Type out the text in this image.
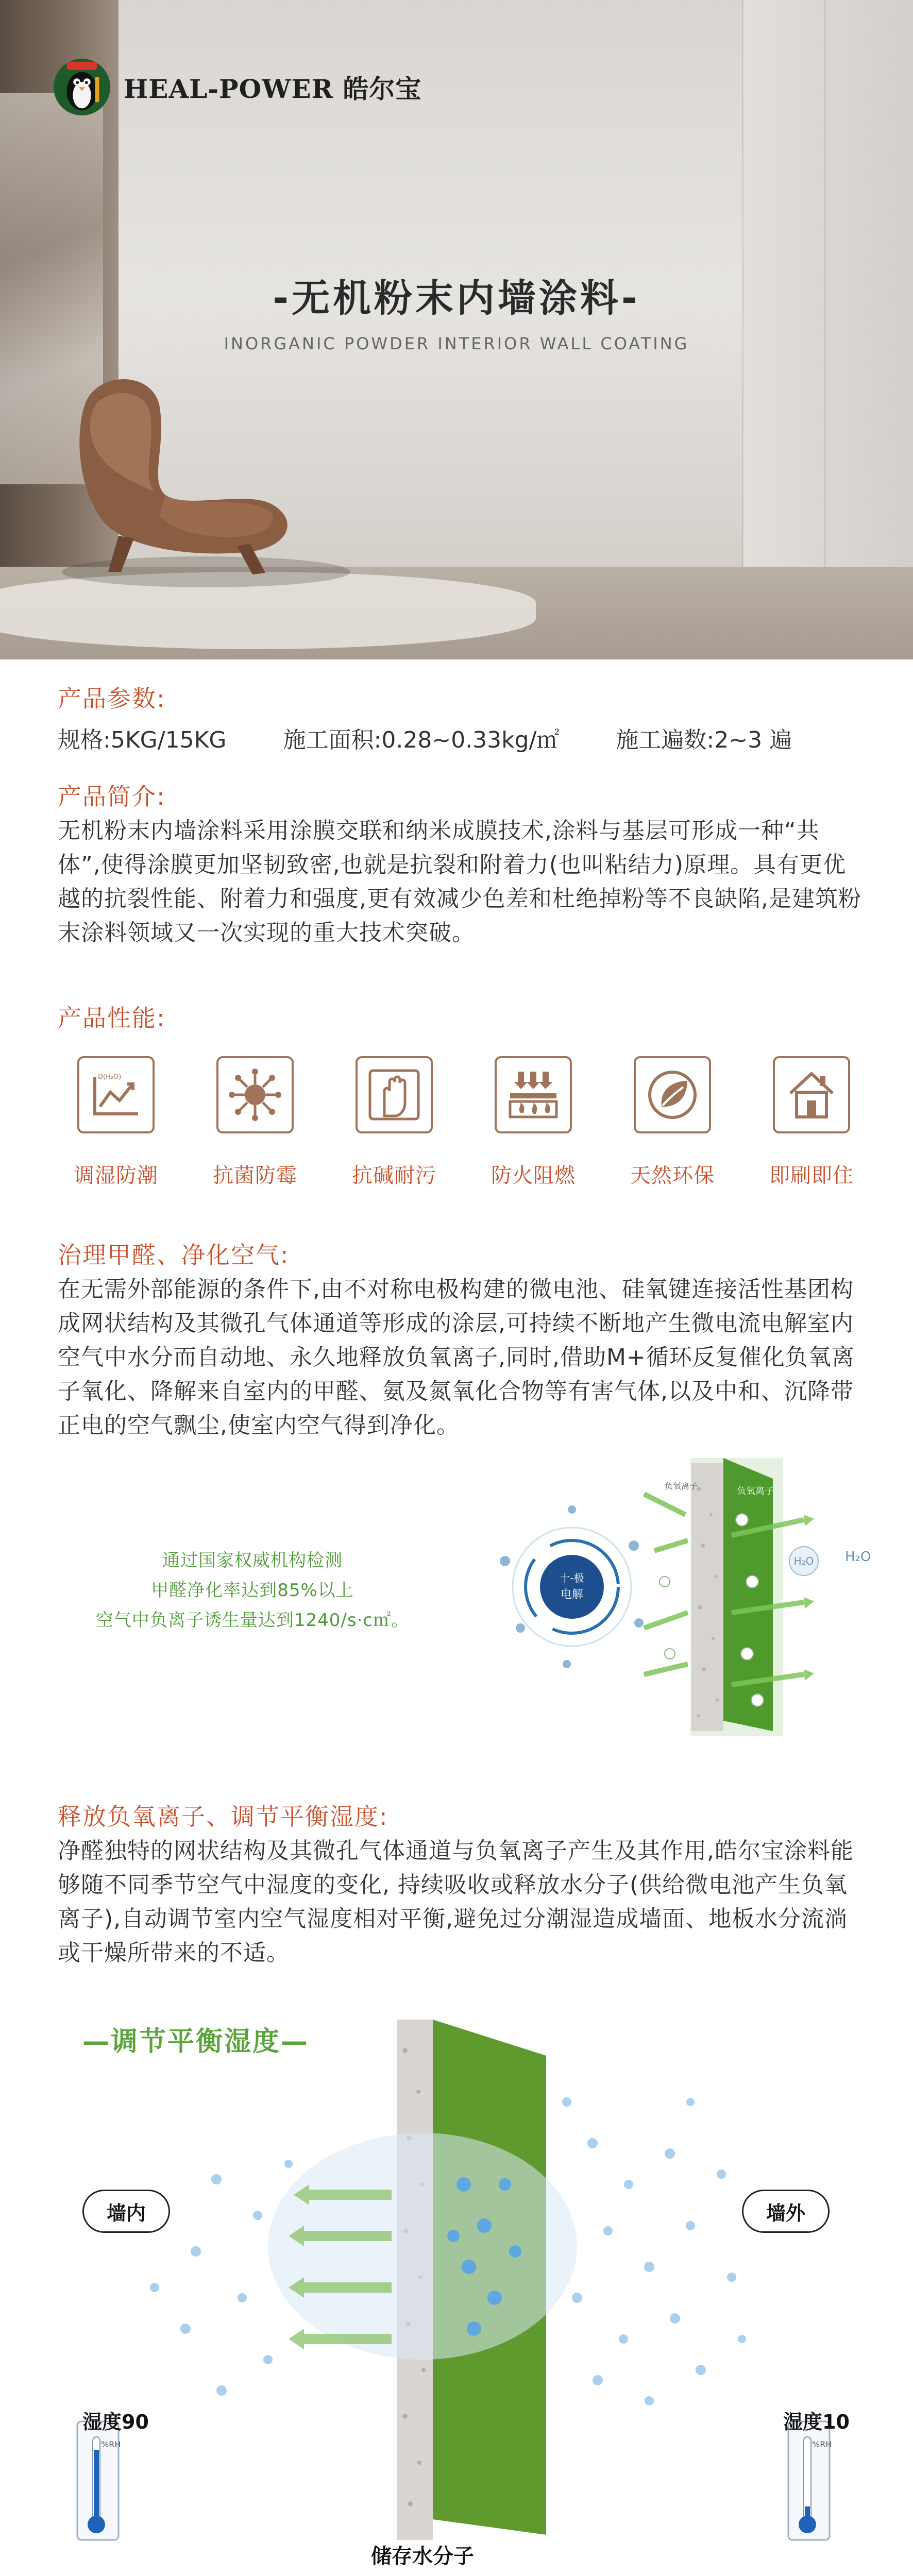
HEAL-POWER 皓尔宝
-无机粉末内墙涂料-
INORGANIC POWDER INTERIOR WALL COATING
产品参数:
规格:5KG/15KG	施工面积:0.28~0.33kg/㎡	施工遍数:2~3 遍
产品简介:
无机粉末内墙涂料采用涂膜交联和纳米成膜技术,涂料与基层可形成一种“共体”,使得涂膜更加坚韧致密,也就是抗裂和附着力(也叫粘结力)原理。具有更优越的抗裂性能、附着力和强度,更有效减少色差和杜绝掉粉等不良缺陷,是建筑粉末涂料领域又一次实现的重大技术突破。
产品性能:
D(H₂O)
调湿防潮	抗菌防霉	抗碱耐污	防火阻燃	天然环保	即刷即住
治理甲醛、净化空气:
在无需外部能源的条件下,由不对称电极构建的微电池、硅氧键连接活性基团构成网状结构及其微孔气体通道等形成的涂层,可持续不断地产生微电流电解室内空气中水分而自动地、永久地释放负氧离子,同时,借助M+循环反复催化负氧离子氧化、降解来自室内的甲醛、氨及氮氧化合物等有害气体,以及中和、沉降带正电的空气飘尘,使室内空气得到净化。
通过国家权威机构检测
甲醛净化率达到85%以上
空气中负离子诱生量达到1240/s·c㎡。
十-极
电解
负氧离子
负氧离子
H₂O H₂O
释放负氧离子、调节平衡湿度:
净醛独特的网状结构及其微孔气体通道与负氧离子产生及其作用,皓尔宝涂料能够随不同季节空气中湿度的变化, 持续吸收或释放水分子(供给微电池产生负氧离子),自动调节室内空气湿度相对平衡,避免过分潮湿造成墙面、地板水分流淌或干燥所带来的不适。
%RH	%RH
—调节平衡湿度—
墙内	墙外
湿度90	湿度10
储存水分子
